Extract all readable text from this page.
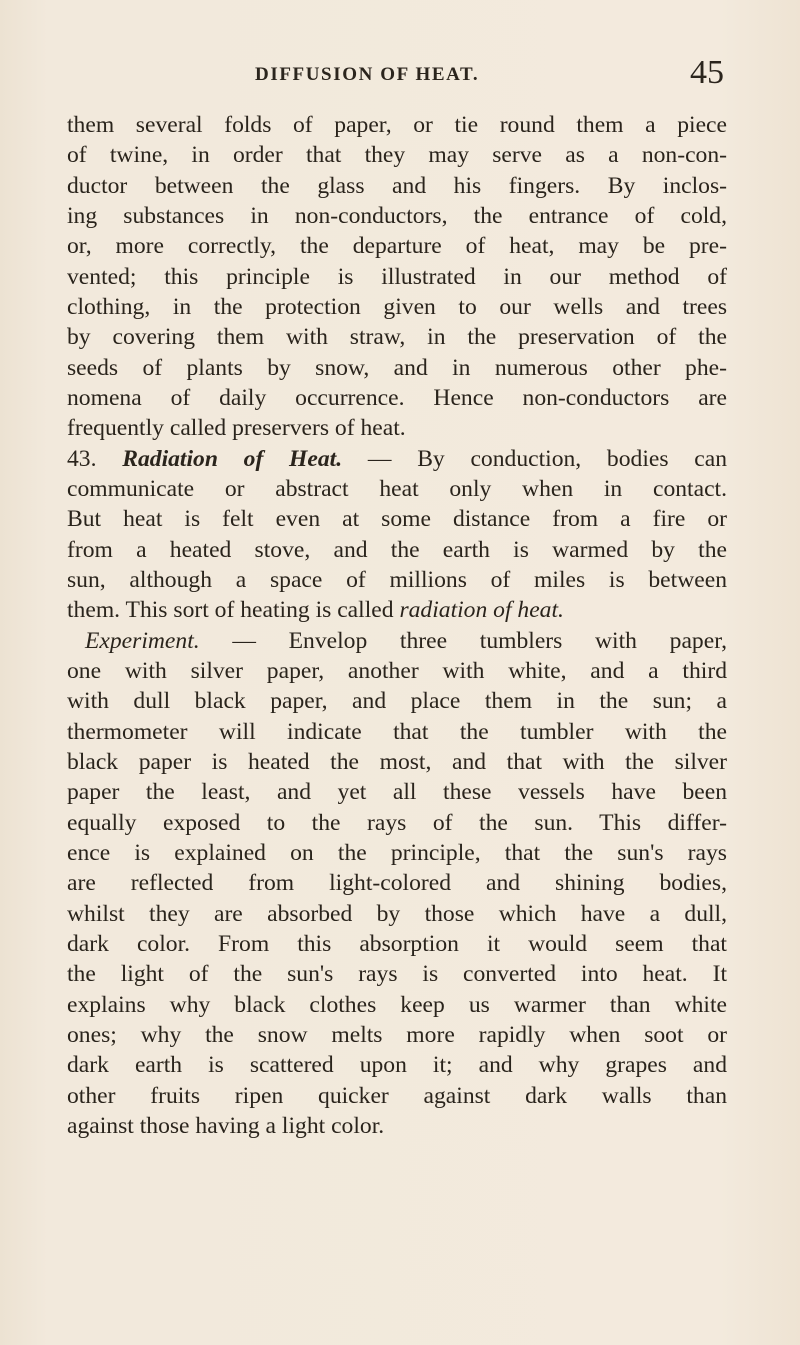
DIFFUSION OF HEAT.	45
them several folds of paper, or tie round them a piece
of twine, in order that they may serve as a non-con-
ductor between the glass and his fingers. By inclos-
ing substances in non-conductors, the entrance of cold,
or, more correctly, the departure of heat, may be pre-
vented; this principle is illustrated in our method of
clothing, in the protection given to our wells and trees
by covering them with straw, in the preservation of the
seeds of plants by snow, and in numerous other phe-
nomena of daily occurrence. Hence non-conductors are
frequently called preservers of heat.
43. Radiation of Heat. — By conduction, bodies can
communicate or abstract heat only when in contact.
But heat is felt even at some distance from a fire or
from a heated stove, and the earth is warmed by the
sun, although a space of millions of miles is between
them. This sort of heating is called radiation of heat.
Experiment. — Envelop three tumblers with paper,
one with silver paper, another with white, and a third
with dull black paper, and place them in the sun; a
thermometer will indicate that the tumbler with the
black paper is heated the most, and that with the silver
paper the least, and yet all these vessels have been
equally exposed to the rays of the sun. This differ-
ence is explained on the principle, that the sun's rays
are reflected from light-colored and shining bodies,
whilst they are absorbed by those which have a dull,
dark color. From this absorption it would seem that
the light of the sun's rays is converted into heat. It
explains why black clothes keep us warmer than white
ones; why the snow melts more rapidly when soot or
dark earth is scattered upon it; and why grapes and
other fruits ripen quicker against dark walls than
against those having a light color.
